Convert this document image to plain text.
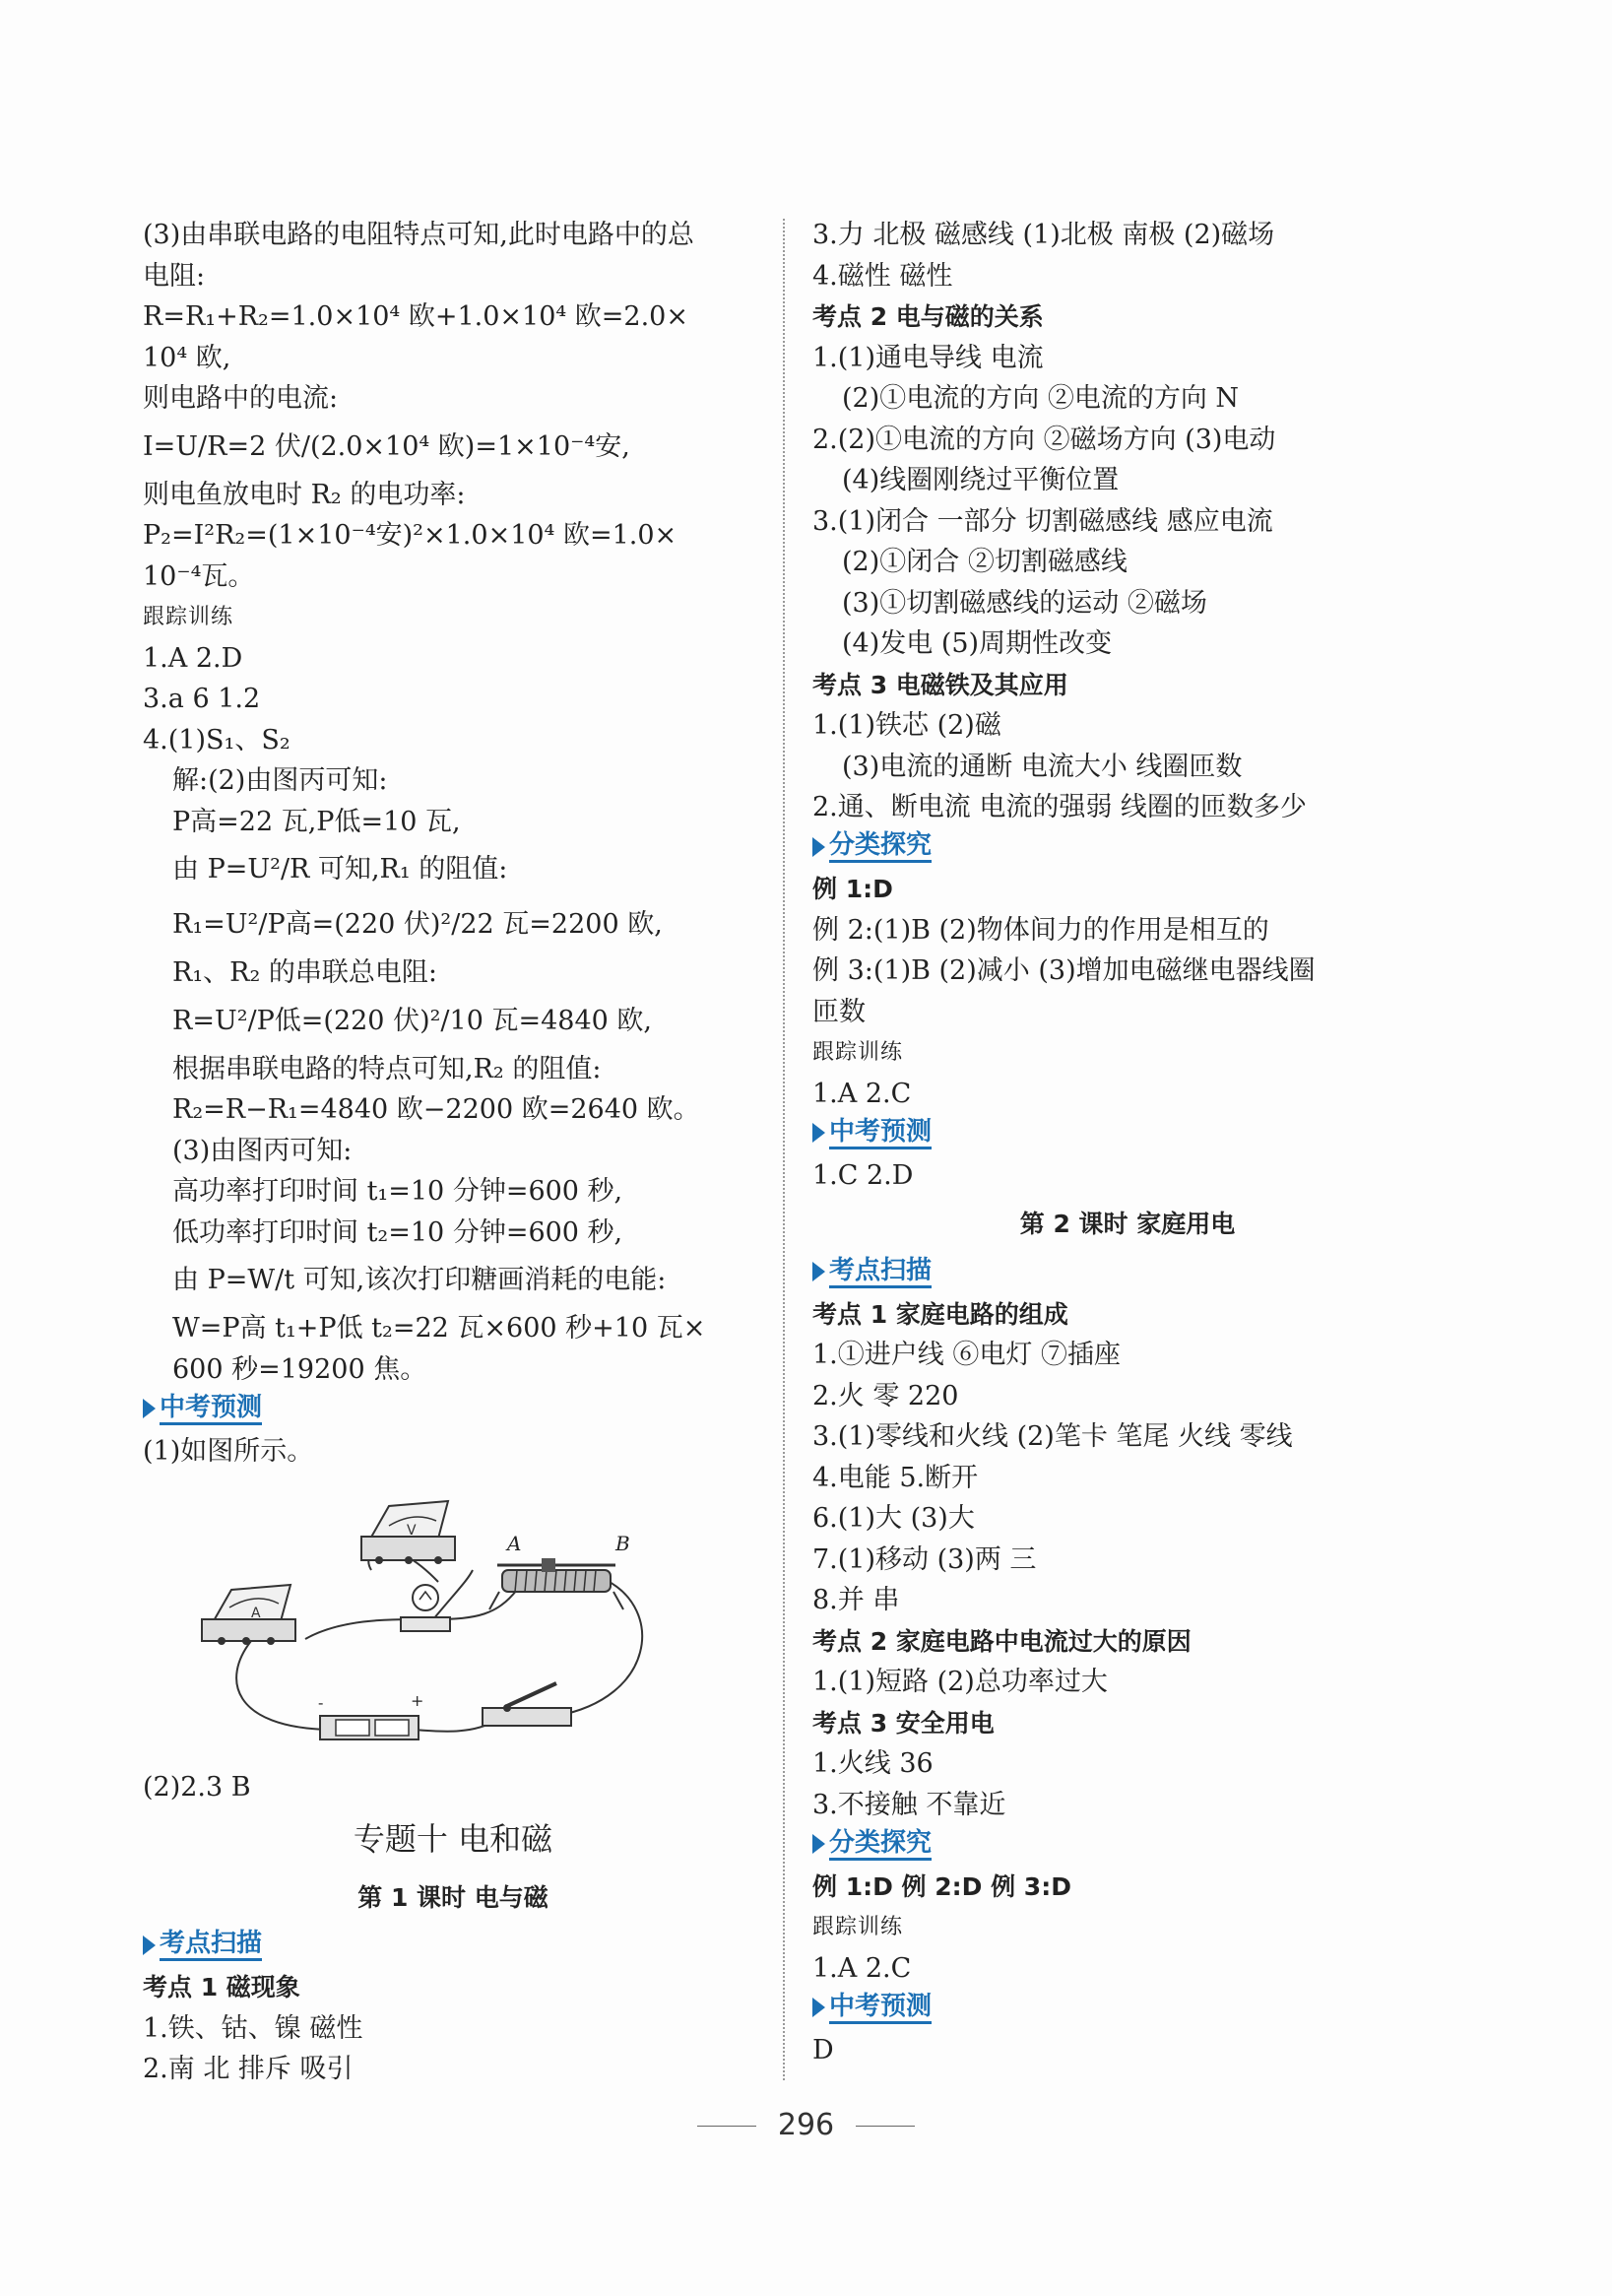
(3)由串联电路的电阻特点可知,此时电路中的总
电阻:
R=R₁+R₂=1.0×10⁴ 欧+1.0×10⁴ 欧=2.0×
10⁴ 欧,
则电路中的电流:
I=U/R=2 伏/(2.0×10⁴ 欧)=1×10⁻⁴安,
则电鱼放电时 R₂ 的电功率:
P₂=I²R₂=(1×10⁻⁴安)²×1.0×10⁴ 欧=1.0×
10⁻⁴瓦。
跟踪训练
1.A 2.D
3.a 6 1.2
4.(1)S₁、S₂
解:(2)由图丙可知:
P高=22 瓦,P低=10 瓦,
由 P=U²/R 可知,R₁ 的阻值:
R₁=U²/P高=(220 伏)²/22 瓦=2200 欧,
R₁、R₂ 的串联总电阻:
R=U²/P低=(220 伏)²/10 瓦=4840 欧,
根据串联电路的特点可知,R₂ 的阻值:
R₂=R−R₁=4840 欧−2200 欧=2640 欧。
(3)由图丙可知:
高功率打印时间 t₁=10 分钟=600 秒,
低功率打印时间 t₂=10 分钟=600 秒,
由 P=W/t 可知,该次打印糖画消耗的电能:
W=P高 t₁+P低 t₂=22 瓦×600 秒+10 瓦×
600 秒=19200 焦。
中考预测
(1)如图所示。
A
V
A	B
-	+
(2)2.3 B
专题十 电和磁
第 1 课时 电与磁
考点扫描
考点 1 磁现象
1.铁、钴、镍 磁性
2.南 北 排斥 吸引
3.力 北极 磁感线 (1)北极 南极 (2)磁场
4.磁性 磁性
考点 2 电与磁的关系
1.(1)通电导线 电流
(2)①电流的方向 ②电流的方向 N
2.(2)①电流的方向 ②磁场方向 (3)电动
(4)线圈刚绕过平衡位置
3.(1)闭合 一部分 切割磁感线 感应电流
(2)①闭合 ②切割磁感线
(3)①切割磁感线的运动 ②磁场
(4)发电 (5)周期性改变
考点 3 电磁铁及其应用
1.(1)铁芯 (2)磁
(3)电流的通断 电流大小 线圈匝数
2.通、断电流 电流的强弱 线圈的匝数多少
分类探究
例 1:D
例 2:(1)B (2)物体间力的作用是相互的
例 3:(1)B (2)减小 (3)增加电磁继电器线圈
匝数
跟踪训练
1.A 2.C
中考预测
1.C 2.D
第 2 课时 家庭用电
考点扫描
考点 1 家庭电路的组成
1.①进户线 ⑥电灯 ⑦插座
2.火 零 220
3.(1)零线和火线 (2)笔卡 笔尾 火线 零线
4.电能 5.断开
6.(1)大 (3)大
7.(1)移动 (3)两 三
8.并 串
考点 2 家庭电路中电流过大的原因
1.(1)短路 (2)总功率过大
考点 3 安全用电
1.火线 36
3.不接触 不靠近
分类探究
例 1:D 例 2:D 例 3:D
跟踪训练
1.A 2.C
中考预测
D
296
